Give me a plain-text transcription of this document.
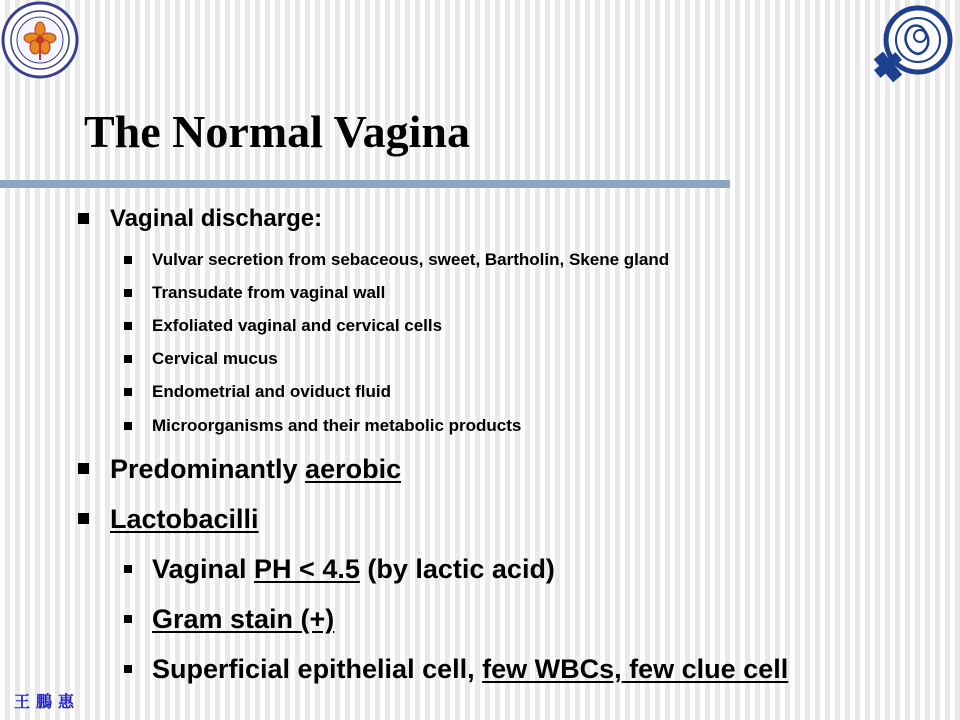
The Normal Vagina
Vaginal discharge:
Vulvar secretion from sebaceous, sweet, Bartholin, Skene gland
Transudate from vaginal wall
Exfoliated vaginal and cervical cells
Cervical mucus
Endometrial and oviduct fluid
Microorganisms and their metabolic products
Predominantly aerobic
Lactobacilli
Vaginal PH < 4.5 (by lactic acid)
Gram stain (+)
Superficial epithelial cell, few WBCs, few clue cell
王鵬惠
